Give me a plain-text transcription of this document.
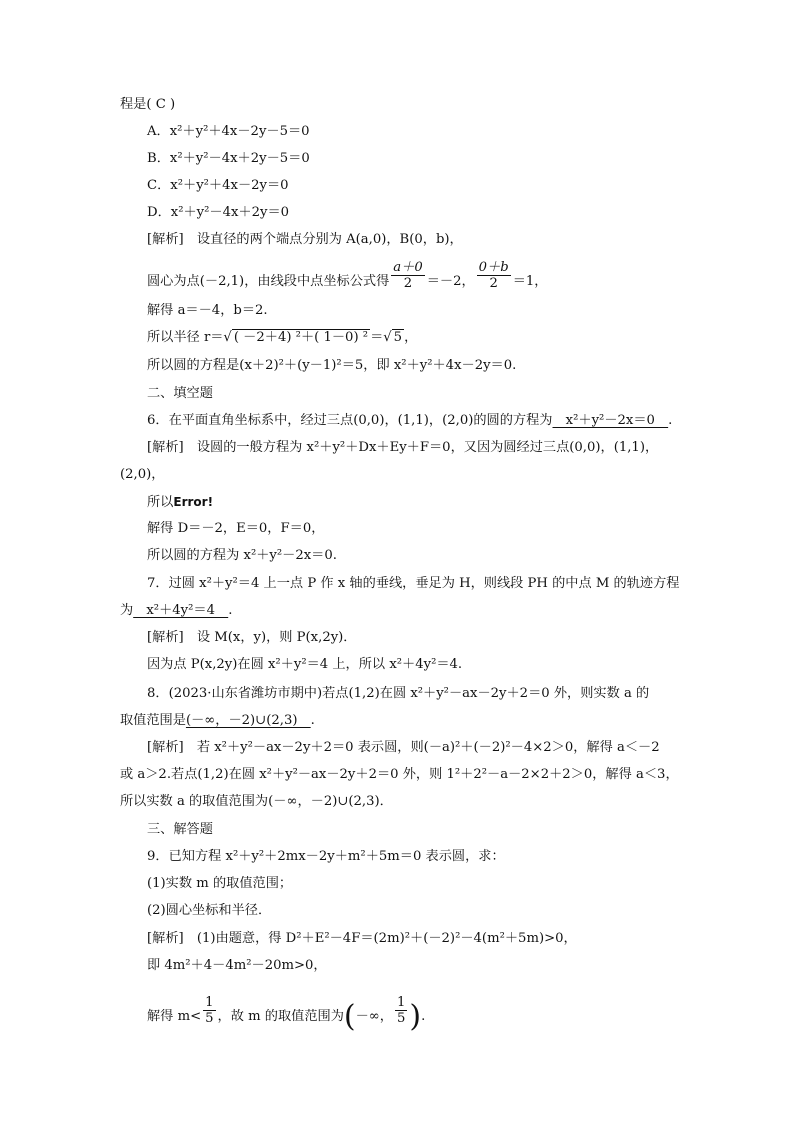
程是( C )
A．x²＋y²＋4x－2y－5＝0
B．x²＋y²－4x＋2y－5＝0
C．x²＋y²＋4x－2y＝0
D．x²＋y²－4x＋2y＝0
[解析]　设直径的两个端点分别为 A(a,0)，B(0，b)，
圆心为点(－2,1)，由线段中点坐标公式得 $\frac{a+0}{2} =-2$， $\frac{0+b}{2} =1$，
解得 a＝－4，b＝2.
所以半径 r＝√ ( －2＋4) ²＋( 1－0) ² ＝√ 5 ，
所以圆的方程是(x＋2)²＋(y－1)²＝5，即 x²＋y²＋4x－2y＝0.
二、填空题
6．在平面直角坐标系中，经过三点(0,0)，(1,1)，(2,0)的圆的方程为　x²＋y²－2x＝0　.
[解析]　设圆的一般方程为 x²＋y²＋Dx＋Ey＋F＝0，又因为圆经过三点(0,0)，(1,1)，
(2,0)，
所以Error!
解得 D＝－2，E＝0，F＝0，
所以圆的方程为 x²＋y²－2x＝0.
7．过圆 x²＋y²＝4 上一点 P 作 x 轴的垂线，垂足为 H，则线段 PH 的中点 M 的轨迹方程
为　x²＋4y²＝4　.
[解析]　设 M(x，y)，则 P(x,2y)．
因为点 P(x,2y)在圆 x²＋y²＝4 上，所以 x²＋4y²＝4.
8．(2023·山东省潍坊市期中)若点(1,2)在圆 x²＋y²－ax－2y＋2＝0 外，则实数 a 的
取值范围是(－∞，－2)∪(2,3)　.
[解析]　若 x²＋y²－ax－2y＋2＝0 表示圆，则(－a)²＋(－2)²－4×2＞0，解得 a＜－2
或 a＞2.若点(1,2)在圆 x²＋y²－ax－2y＋2＝0 外，则 1²＋2²－a－2×2＋2＞0，解得 a＜3，
所以实数 a 的取值范围为(－∞，－2)∪(2,3)．
三、解答题
9．已知方程 x²＋y²＋2mx－2y＋m²＋5m＝0 表示圆，求：
(1)实数 m 的取值范围；
(2)圆心坐标和半径．
[解析]　(1)由题意，得 D²＋E²－4F＝(2m)²＋(－2)²－4(m²＋5m)>0，
即 4m²＋4－4m²－20m>0，
解得 $m< \frac{1}{5}$ ，故 m 的取值范围为(－∞， $\frac{1}{5}$ ).
